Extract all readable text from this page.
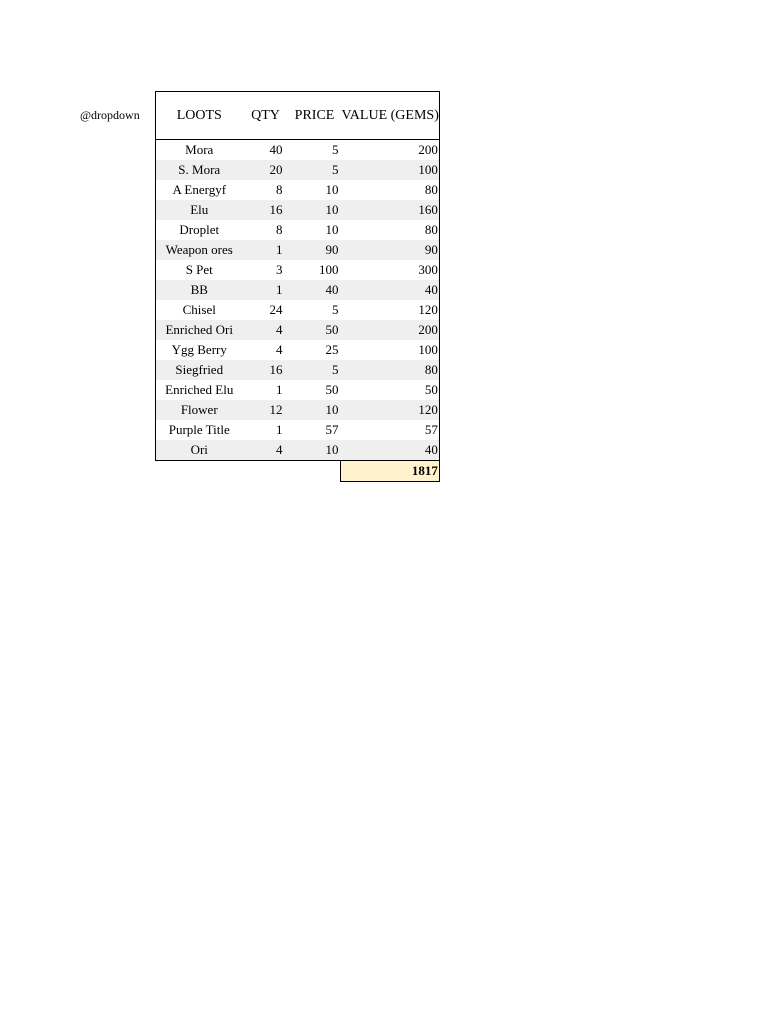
@dropdown	LOOTS	QTY	PRICE	VALUE (GEMS)
Mora	40	5	200
S. Mora	20	5	100
A Energyf	8	10	80
Elu	16	10	160
Droplet	8	10	80
Weapon ores	1	90	90
S Pet	3	100	300
BB	1	40	40
Chisel	24	5	120
Enriched Ori	4	50	200
Ygg Berry	4	25	100
Siegfried	16	5	80
Enriched Elu	1	50	50
Flower	12	10	120
Purple Title	1	57	57
Ori	4	10	40
			1817
